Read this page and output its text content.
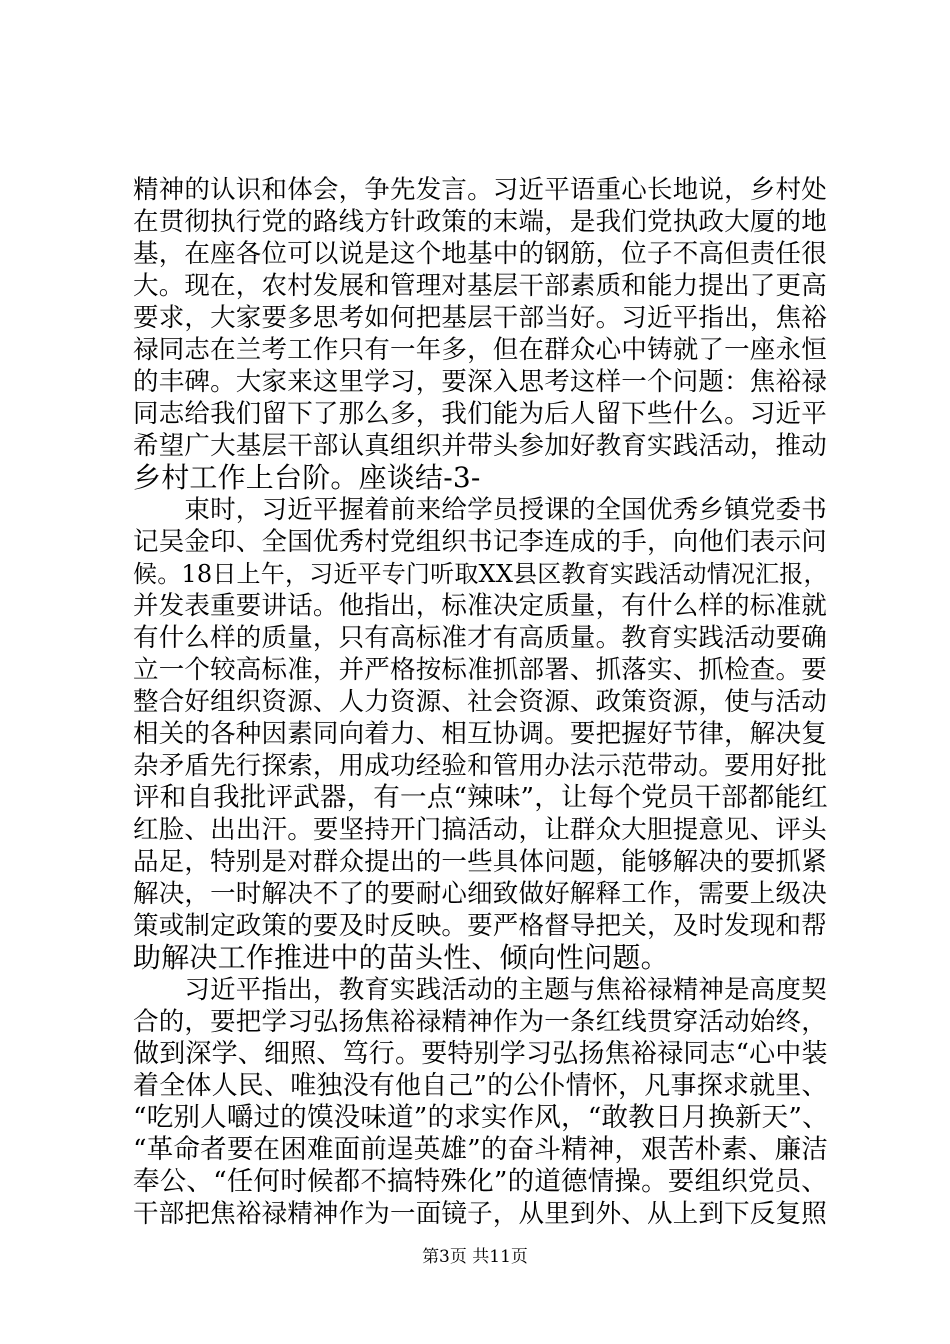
精神的认识和体会，争先发言。习近平语重心长地说，乡村处
在贯彻执行党的路线方针政策的末端，是我们党执政大厦的地
基，在座各位可以说是这个地基中的钢筋，位子不高但责任很
大。现在，农村发展和管理对基层干部素质和能力提出了更高
要求，大家要多思考如何把基层干部当好。习近平指出，焦裕
禄同志在兰考工作只有一年多，但在群众心中铸就了一座永恒
的丰碑。大家来这里学习，要深入思考这样一个问题：焦裕禄
同志给我们留下了那么多，我们能为后人留下些什么。习近平
希望广大基层干部认真组织并带头参加好教育实践活动，推动
乡村工作上台阶。座谈结-3-
　　束时，习近平握着前来给学员授课的全国优秀乡镇党委书
记吴金印、全国优秀村党组织书记李连成的手，向他们表示问
候。18日上午，习近平专门听取XX县区教育实践活动情况汇报，
并发表重要讲话。他指出，标准决定质量，有什么样的标准就
有什么样的质量，只有高标准才有高质量。教育实践活动要确
立一个较高标准，并严格按标准抓部署、抓落实、抓检查。要
整合好组织资源、人力资源、社会资源、政策资源，使与活动
相关的各种因素同向着力、相互协调。要把握好节律，解决复
杂矛盾先行探索，用成功经验和管用办法示范带动。要用好批
评和自我批评武器，有一点“辣味”，让每个党员干部都能红
红脸、出出汗。要坚持开门搞活动，让群众大胆提意见、评头
品足，特别是对群众提出的一些具体问题，能够解决的要抓紧
解决，一时解决不了的要耐心细致做好解释工作，需要上级决
策或制定政策的要及时反映。要严格督导把关，及时发现和帮
助解决工作推进中的苗头性、倾向性问题。
　　习近平指出，教育实践活动的主题与焦裕禄精神是高度契
合的，要把学习弘扬焦裕禄精神作为一条红线贯穿活动始终，
做到深学、细照、笃行。要特别学习弘扬焦裕禄同志“心中装
着全体人民、唯独没有他自己”的公仆情怀，凡事探求就里、
“吃别人嚼过的馍没味道”的求实作风，“敢教日月换新天”、
“革命者要在困难面前逞英雄”的奋斗精神，艰苦朴素、廉洁
奉公、“任何时候都不搞特殊化”的道德情操。要组织党员、
干部把焦裕禄精神作为一面镜子，从里到外、从上到下反复照
第3页 共11页
